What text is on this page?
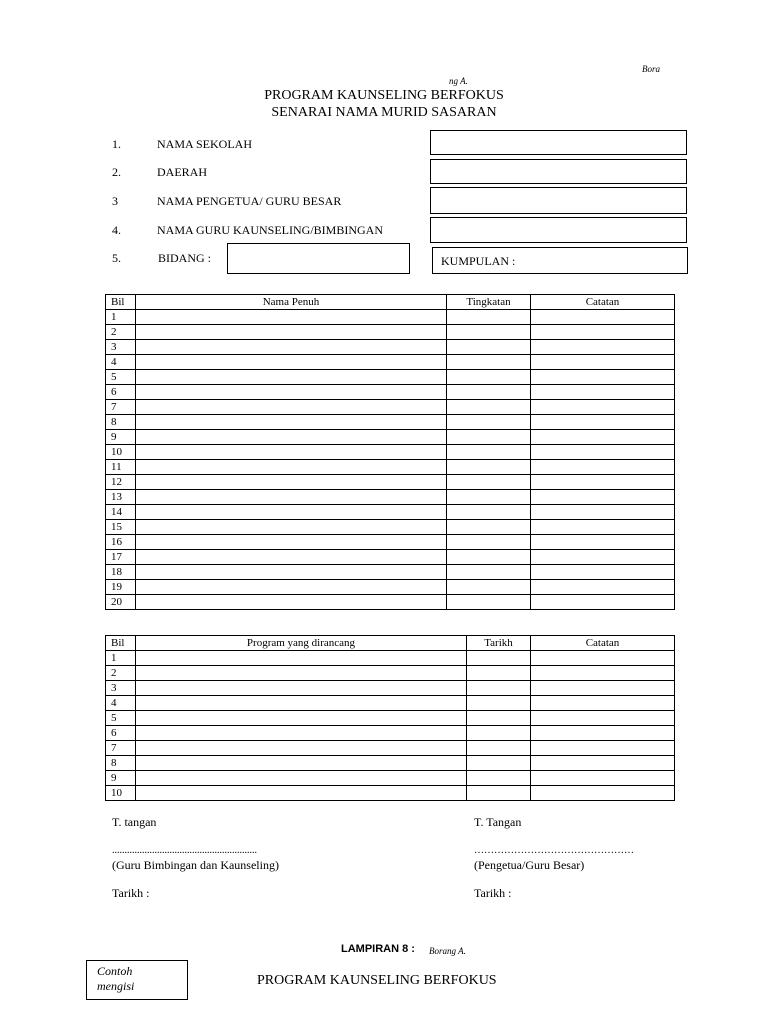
Bora
ng A.
PROGRAM KAUNSELING BERFOKUS
SENARAI NAMA MURID SASARAN
1.	NAMA SEKOLAH
2.	DAERAH
3	NAMA PENGETUA/ GURU BESAR
4.	NAMA GURU KAUNSELING/BIMBINGAN
5.	BIDANG :	KUMPULAN :
Bil	Nama Penuh	Tingkatan	Catatan
1			
2			
3			
4			
5			
6			
7			
8			
9			
10			
11			
12			
13			
14			
15			
16			
17			
18			
19			
20			
Bil	Program yang dirancang	Tarikh	Catatan
1			
2			
3			
4			
5			
6			
7			
8			
9			
10			
T. tangan
..........................................................
(Guru Bimbingan dan Kaunseling)
Tarikh :
T. Tangan
…………………………………………
(Pengetua/Guru Besar)
Tarikh :
LAMPIRAN 8 : Borang A.
Contoh
mengisi	PROGRAM KAUNSELING BERFOKUS
